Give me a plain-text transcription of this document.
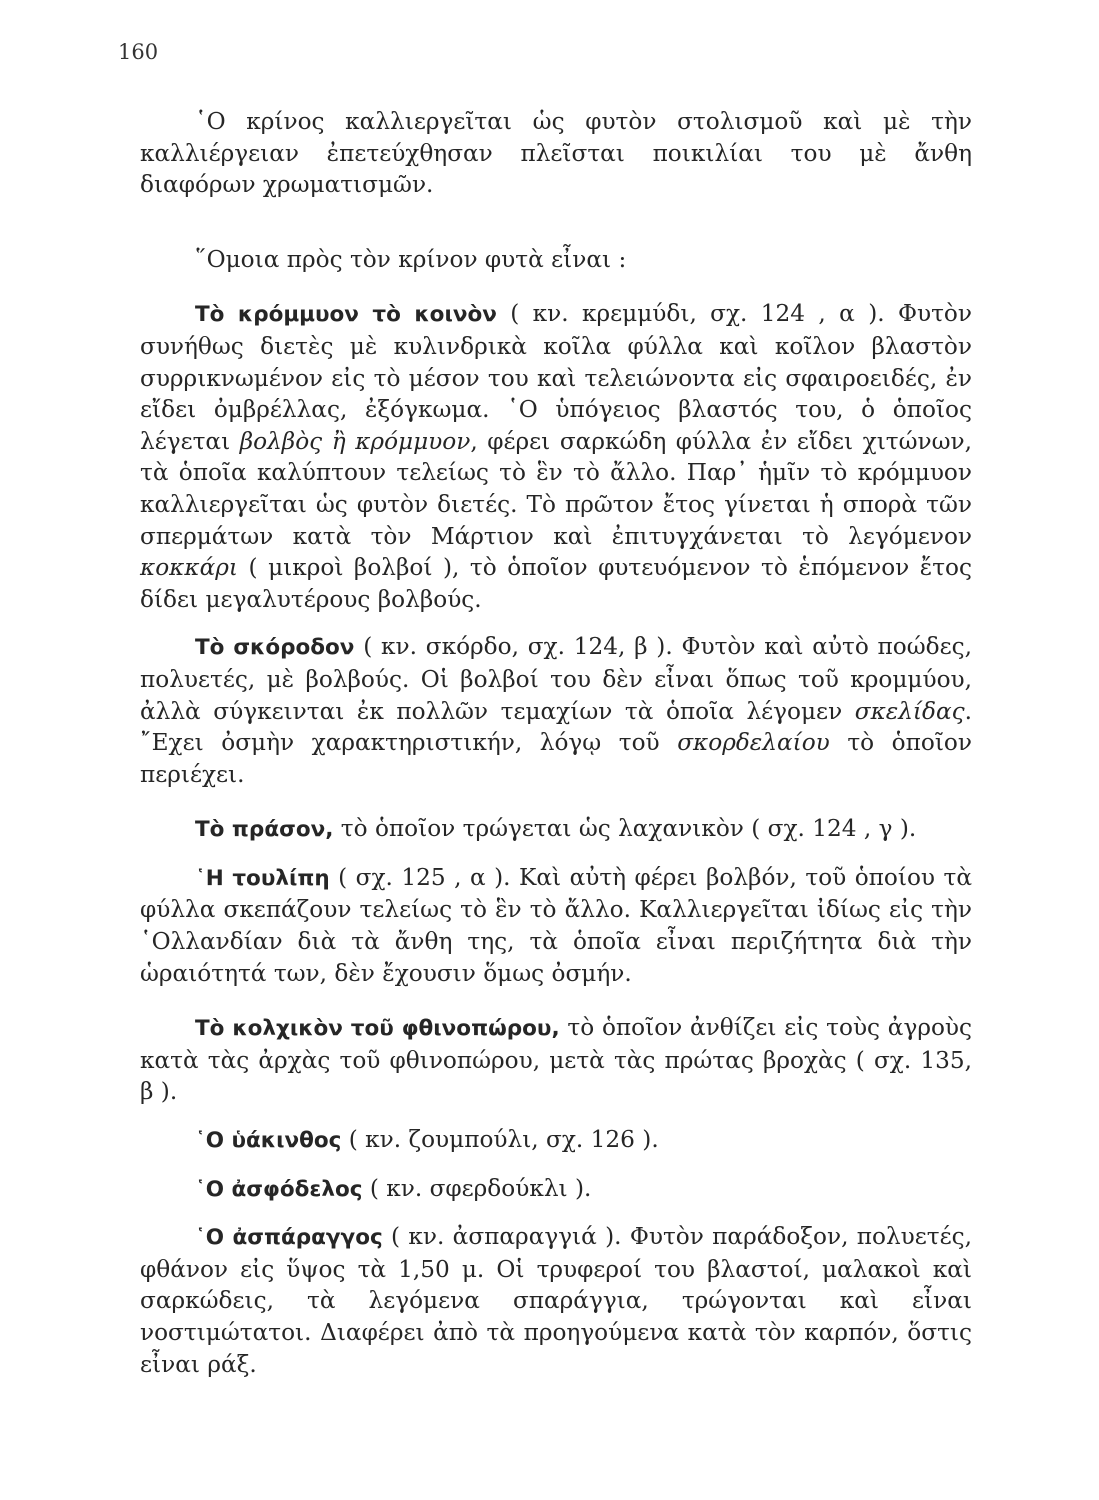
160

῾Ο κρίνος καλλιεργεῖται ὡς φυτὸν στολισμοῦ καὶ μὲ τὴν καλλιέργειαν ἐπετεύχθησαν πλεῖσται ποικιλίαι του μὲ ἄνθη διαφόρων χρωματισμῶν.

῞Ομοια πρὸς τὸν κρίνον φυτὰ εἶναι :

Τὸ κρόμμυον τὸ κοινὸν ( κν. κρεμμύδι, σχ. 124 , α ). Φυτὸν συνήθως διετὲς μὲ κυλινδρικὰ κοῖλα φύλλα καὶ κοῖλον βλαστὸν συρρικνωμένον εἰς τὸ μέσον του καὶ τελειώνοντα εἰς σφαιροειδές, ἐν εἴδει ὀμβρέλλας, ἐξόγκωμα. ῾Ο ὑπόγειος βλαστός του, ὁ ὁποῖος λέγεται βολβὸς ἢ κρόμμυον, φέρει σαρκώδη φύλλα ἐν εἴδει χιτώνων, τὰ ὁποῖα καλύπτουν τελείως τὸ ἓν τὸ ἄλλο. Παρ᾽ ἡμῖν τὸ κρόμμυον καλλιεργεῖται ὡς φυτὸν διετές. Τὸ πρῶτον ἔτος γίνεται ἡ σπορὰ τῶν σπερμάτων κατὰ τὸν Μάρτιον καὶ ἐπιτυγχάνεται τὸ λεγόμενον κοκκάρι ( μικροὶ βολβοί ), τὸ ὁποῖον φυτευόμενον τὸ ἑπόμενον ἔτος δίδει μεγαλυτέρους βολβούς.

Τὸ σκόροδον ( κν. σκόρδο, σχ. 124, β ). Φυτὸν καὶ αὐτὸ ποώδες, πολυετές, μὲ βολβούς. Οἱ βολβοί του δὲν εἶναι ὅπως τοῦ κρομμύου, ἀλλὰ σύγκεινται ἐκ πολλῶν τεμαχίων τὰ ὁποῖα λέγομεν σκελίδας. ῎Εχει ὀσμὴν χαρακτηριστικήν, λόγῳ τοῦ σκορδελαίου τὸ ὁποῖον περιέχει.

Τὸ πράσον, τὸ ὁποῖον τρώγεται ὡς λαχανικὸν ( σχ. 124 , γ ).

῾Η τουλίπη ( σχ. 125 , α ). Καὶ αὐτὴ φέρει βολβόν, τοῦ ὁποίου τὰ φύλλα σκεπάζουν τελείως τὸ ἓν τὸ ἄλλο. Καλλιεργεῖται ἰδίως εἰς τὴν ῾Ολλανδίαν διὰ τὰ ἄνθη της, τὰ ὁποῖα εἶναι περιζήτητα διὰ τὴν ὡραιότητά των, δὲν ἔχουσιν ὅμως ὀσμήν.

Τὸ κολχικὸν τοῦ φθινοπώρου, τὸ ὁποῖον ἀνθίζει εἰς τοὺς ἀγροὺς κατὰ τὰς ἀρχὰς τοῦ φθινοπώρου, μετὰ τὰς πρώτας βροχὰς ( σχ. 135, β ).

῾Ο ὑάκινθος ( κν. ζουμπούλι, σχ. 126 ).

῾Ο ἀσφόδελος ( κν. σφερδούκλι ).

῾Ο ἀσπάραγγος ( κν. ἀσπαραγγιά ). Φυτὸν παράδοξον, πολυετές, φθάνον εἰς ὕψος τὰ 1,50 μ. Οἱ τρυφεροί του βλαστοί, μαλακοὶ καὶ σαρκώδεις, τὰ λεγόμενα σπαράγγια, τρώγονται καὶ εἶναι νοστιμώτατοι. Διαφέρει ἀπὸ τὰ προηγούμενα κατὰ τὸν καρπόν, ὅστις εἶναι ράξ.
